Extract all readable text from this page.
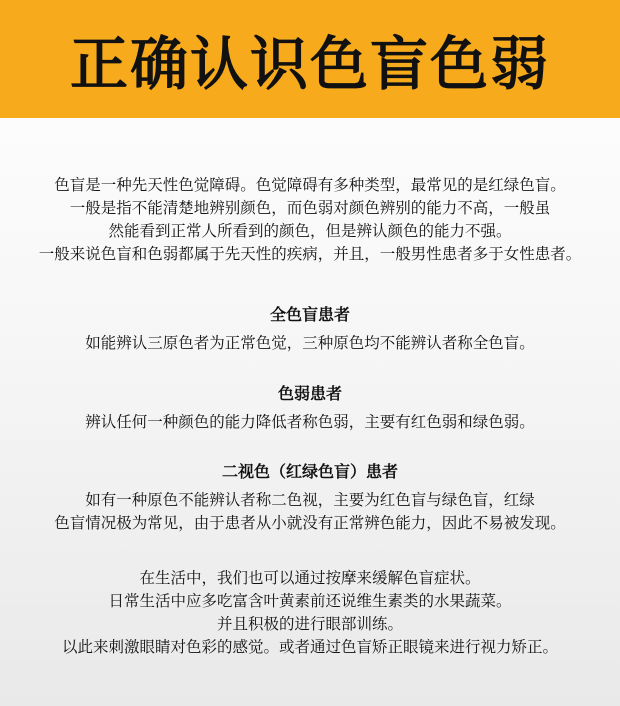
正确认识色盲色弱
色盲是一种先天性色觉障碍。色觉障碍有多种类型，最常见的是红绿色盲。
一般是指不能清楚地辨别颜色，而色弱对颜色辨别的能力不高，一般虽
然能看到正常人所看到的颜色，但是辨认颜色的能力不强。
一般来说色盲和色弱都属于先天性的疾病，并且，一般男性患者多于女性患者。
全色盲患者
如能辨认三原色者为正常色觉，三种原色均不能辨认者称全色盲。
色弱患者
辨认任何一种颜色的能力降低者称色弱，主要有红色弱和绿色弱。
二视色（红绿色盲）患者
如有一种原色不能辨认者称二色视，主要为红色盲与绿色盲，红绿
色盲情况极为常见，由于患者从小就没有正常辨色能力，因此不易被发现。
在生活中，我们也可以通过按摩来缓解色盲症状。
日常生活中应多吃富含叶黄素前还说维生素类的水果蔬菜。
并且积极的进行眼部训练。
以此来刺激眼睛对色彩的感觉。或者通过色盲矫正眼镜来进行视力矫正。
